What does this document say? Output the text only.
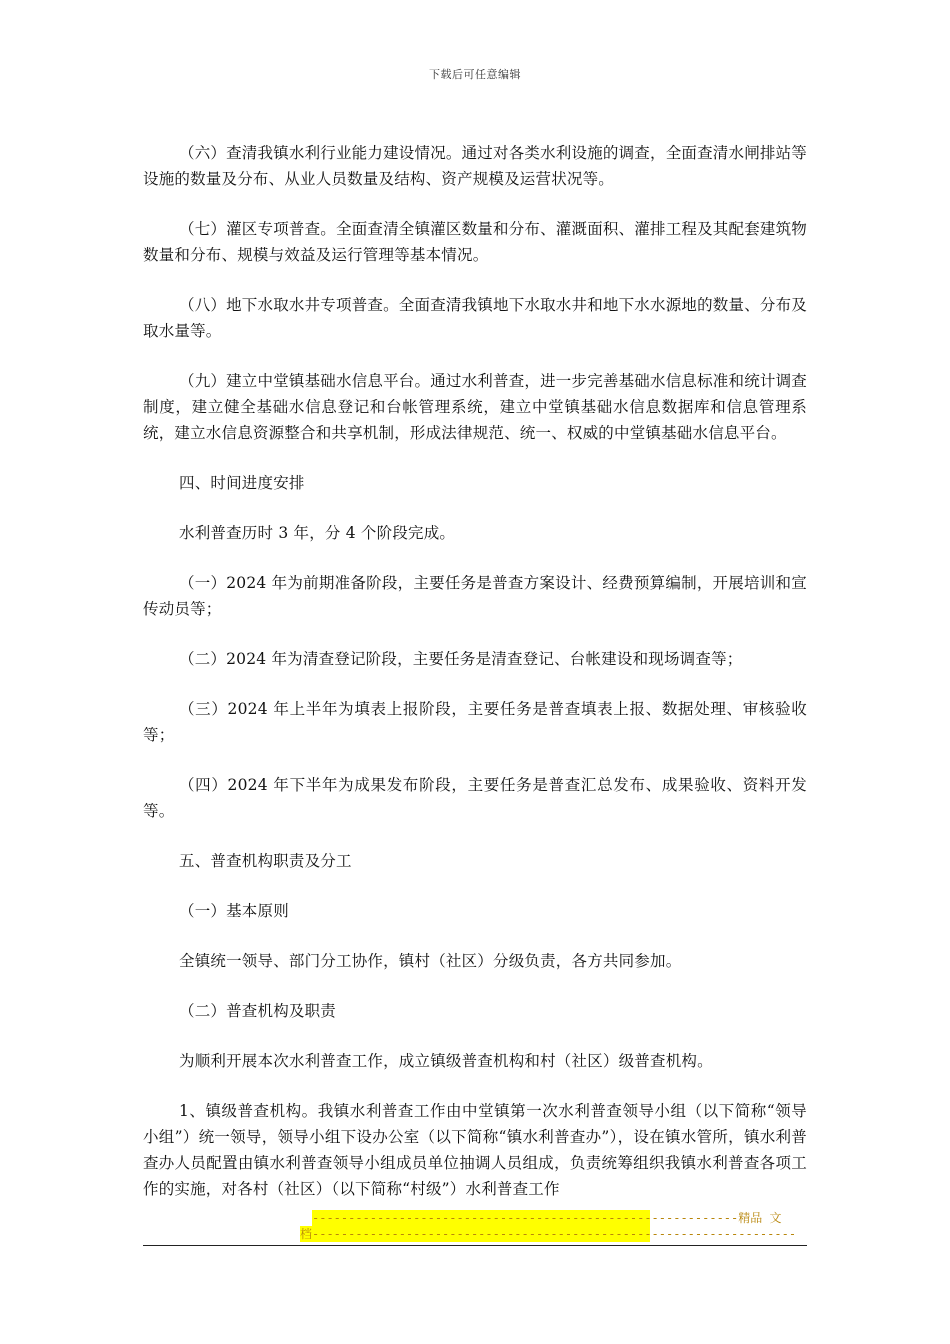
下载后可任意编辑

（六）查清我镇水利行业能力建设情况。通过对各类水利设施的调查，全面查清水闸排站等设施的数量及分布、从业人员数量及结构、资产规模及运营状况等。

（七）灌区专项普查。全面查清全镇灌区数量和分布、灌溉面积、灌排工程及其配套建筑物数量和分布、规模与效益及运行管理等基本情况。

（八）地下水取水井专项普查。全面查清我镇地下水取水井和地下水水源地的数量、分布及取水量等。

（九）建立中堂镇基础水信息平台。通过水利普查，进一步完善基础水信息标准和统计调查制度，建立健全基础水信息登记和台帐管理系统，建立中堂镇基础水信息数据库和信息管理系统，建立水信息资源整合和共享机制，形成法律规范、统一、权威的中堂镇基础水信息平台。

四、时间进度安排

水利普查历时 3 年，分 4 个阶段完成。

（一）2024 年为前期准备阶段，主要任务是普查方案设计、经费预算编制，开展培训和宣传动员等；

（二）2024 年为清查登记阶段，主要任务是清查登记、台帐建设和现场调查等；

（三）2024 年上半年为填表上报阶段，主要任务是普查填表上报、数据处理、审核验收等；

（四）2024 年下半年为成果发布阶段，主要任务是普查汇总发布、成果验收、资料开发等。

五、普查机构职责及分工

（一）基本原则

全镇统一领导、部门分工协作，镇村（社区）分级负责，各方共同参加。

（二）普查机构及职责

为顺利开展本次水利普查工作，成立镇级普查机构和村（社区）级普查机构。

1、镇级普查机构。我镇水利普查工作由中堂镇第一次水利普查领导小组（以下简称“领导小组”）统一领导，领导小组下设办公室（以下简称“镇水利普查办”），设在镇水管所，镇水利普查办人员配置由镇水利普查领导小组成员单位抽调人员组成，负责统筹组织我镇水利普查各项工作的实施，对各村（社区）（以下简称“村级”）水利普查工作

-----------------------------------------------------------精品 文
档-------------------------------------------------------------------
